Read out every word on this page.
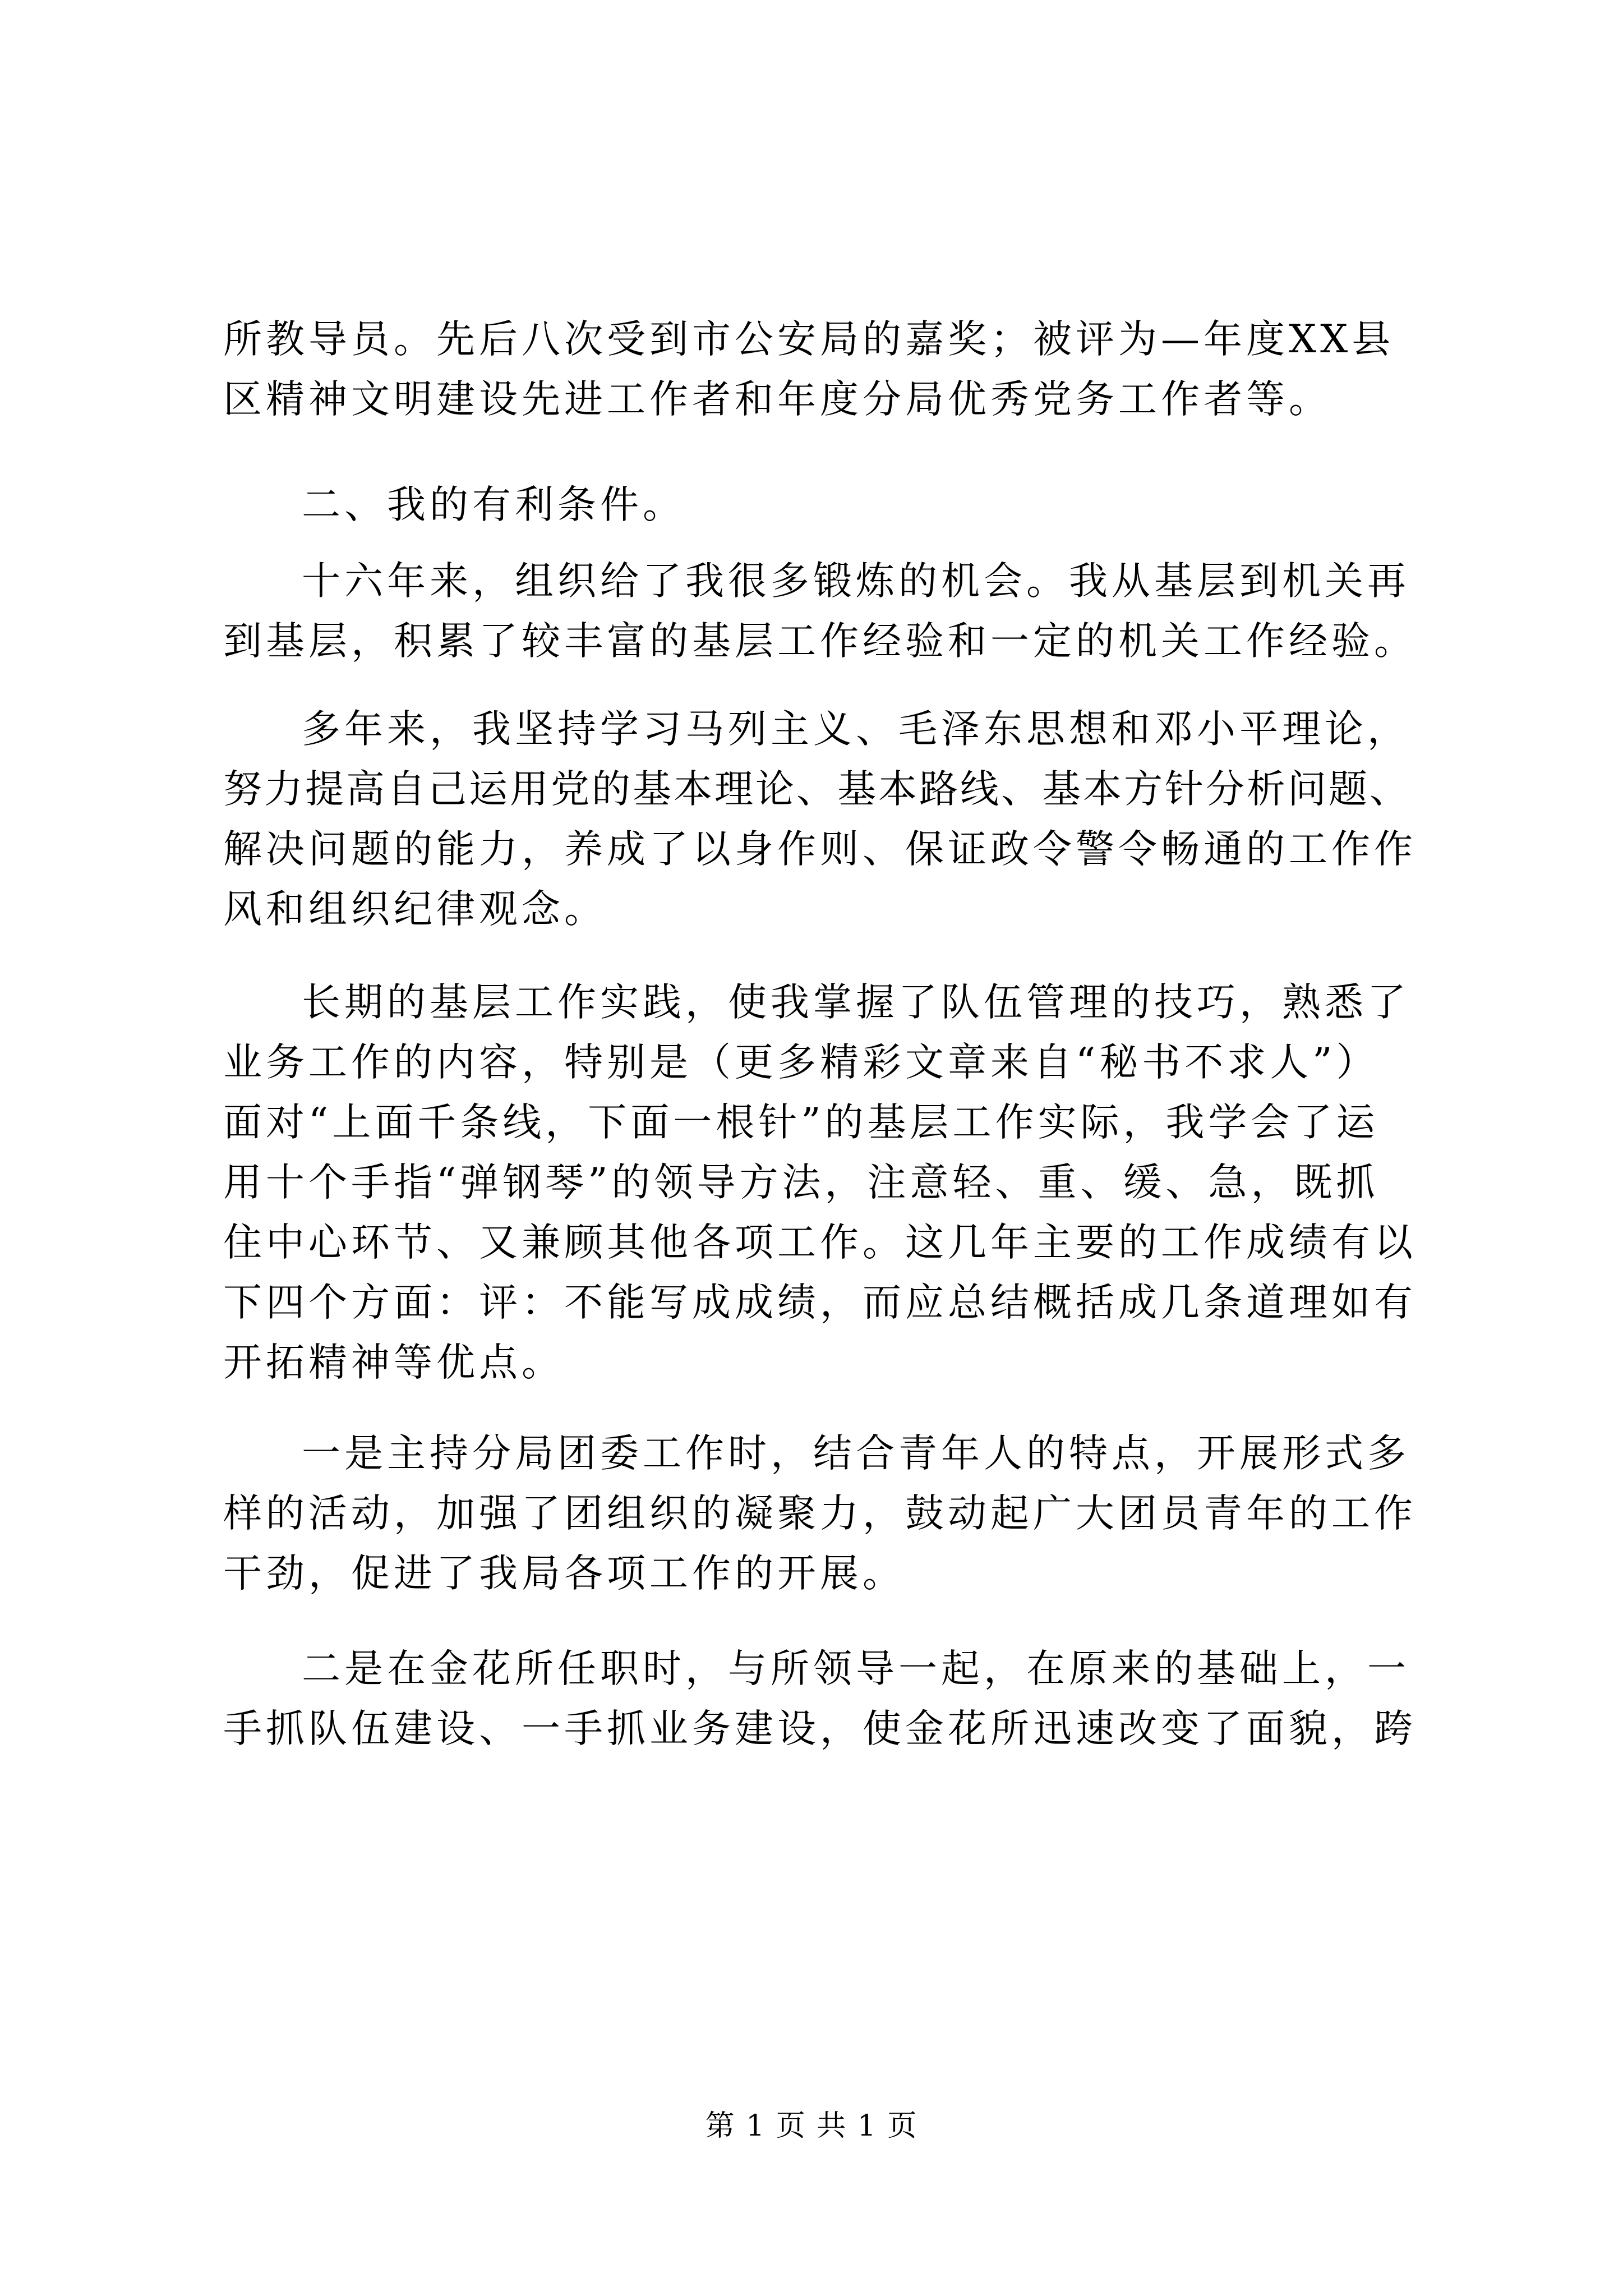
所教导员。先后八次受到市公安局的嘉奖；被评为—年度XX县
区精神文明建设先进工作者和年度分局优秀党务工作者等。
二、我的有利条件。
十六年来，组织给了我很多锻炼的机会。我从基层到机关再
到基层，积累了较丰富的基层工作经验和一定的机关工作经验。
多年来，我坚持学习马列主义、毛泽东思想和邓小平理论，
努力提高自己运用党的基本理论、基本路线、基本方针分析问题、
解决问题的能力，养成了以身作则、保证政令警令畅通的工作作
风和组织纪律观念。
长期的基层工作实践，使我掌握了队伍管理的技巧，熟悉了
业务工作的内容，特别是（更多精彩文章来自“秘书不求人”）
面对“上面千条线，下面一根针”的基层工作实际，我学会了运
用十个手指“弹钢琴”的领导方法，注意轻、重、缓、急，既抓
住中心环节、又兼顾其他各项工作。这几年主要的工作成绩有以
下四个方面：评：不能写成成绩，而应总结概括成几条道理如有
开拓精神等优点。
一是主持分局团委工作时，结合青年人的特点，开展形式多
样的活动，加强了团组织的凝聚力，鼓动起广大团员青年的工作
干劲，促进了我局各项工作的开展。
二是在金花所任职时，与所领导一起，在原来的基础上，一
手抓队伍建设、一手抓业务建设，使金花所迅速改变了面貌，跨
第 1 页 共 1 页
